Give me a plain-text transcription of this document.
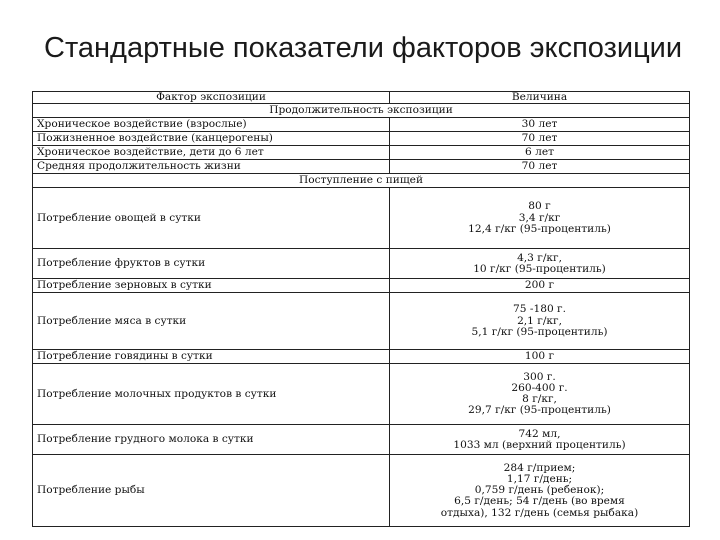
Стандартные показатели факторов экспозиции
Фактор экспозиции	Величина
Продолжительность экспозиции	
Хроническое воздействие (взрослые)	30 лет

Пожизненное воздействие (канцерогены)	70 лет

Хроническое воздействие, дети до 6 лет	6 лет

Средняя продолжительность жизни	70 лет

Поступление с пищей	
Потребление овощей в сутки	80 г
3,4 г/кг
12,4 г/кг (95-процентиль)

Потребление фруктов в сутки	4,3 г/кг,
10 г/кг (95-процентиль)

Потребление зерновых в сутки	200 г

Потребление мяса в сутки	75 -180 г.
2,1 г/кг,
5,1 г/кг (95-процентиль)

Потребление говядины в сутки	100 г

Потребление молочных продуктов в сутки	300 г.
260-400 г.
8 г/кг,
29,7 г/кг (95-процентиль)

Потребление грудного молока в сутки	742 мл,
1033 мл (верхний процентиль)

Потребление рыбы	284 г/прием;
1,17 г/день;
0,759 г/день (ребенок);
6,5 г/день; 54 г/день (во время
отдыха), 132 г/день (семья рыбака)
